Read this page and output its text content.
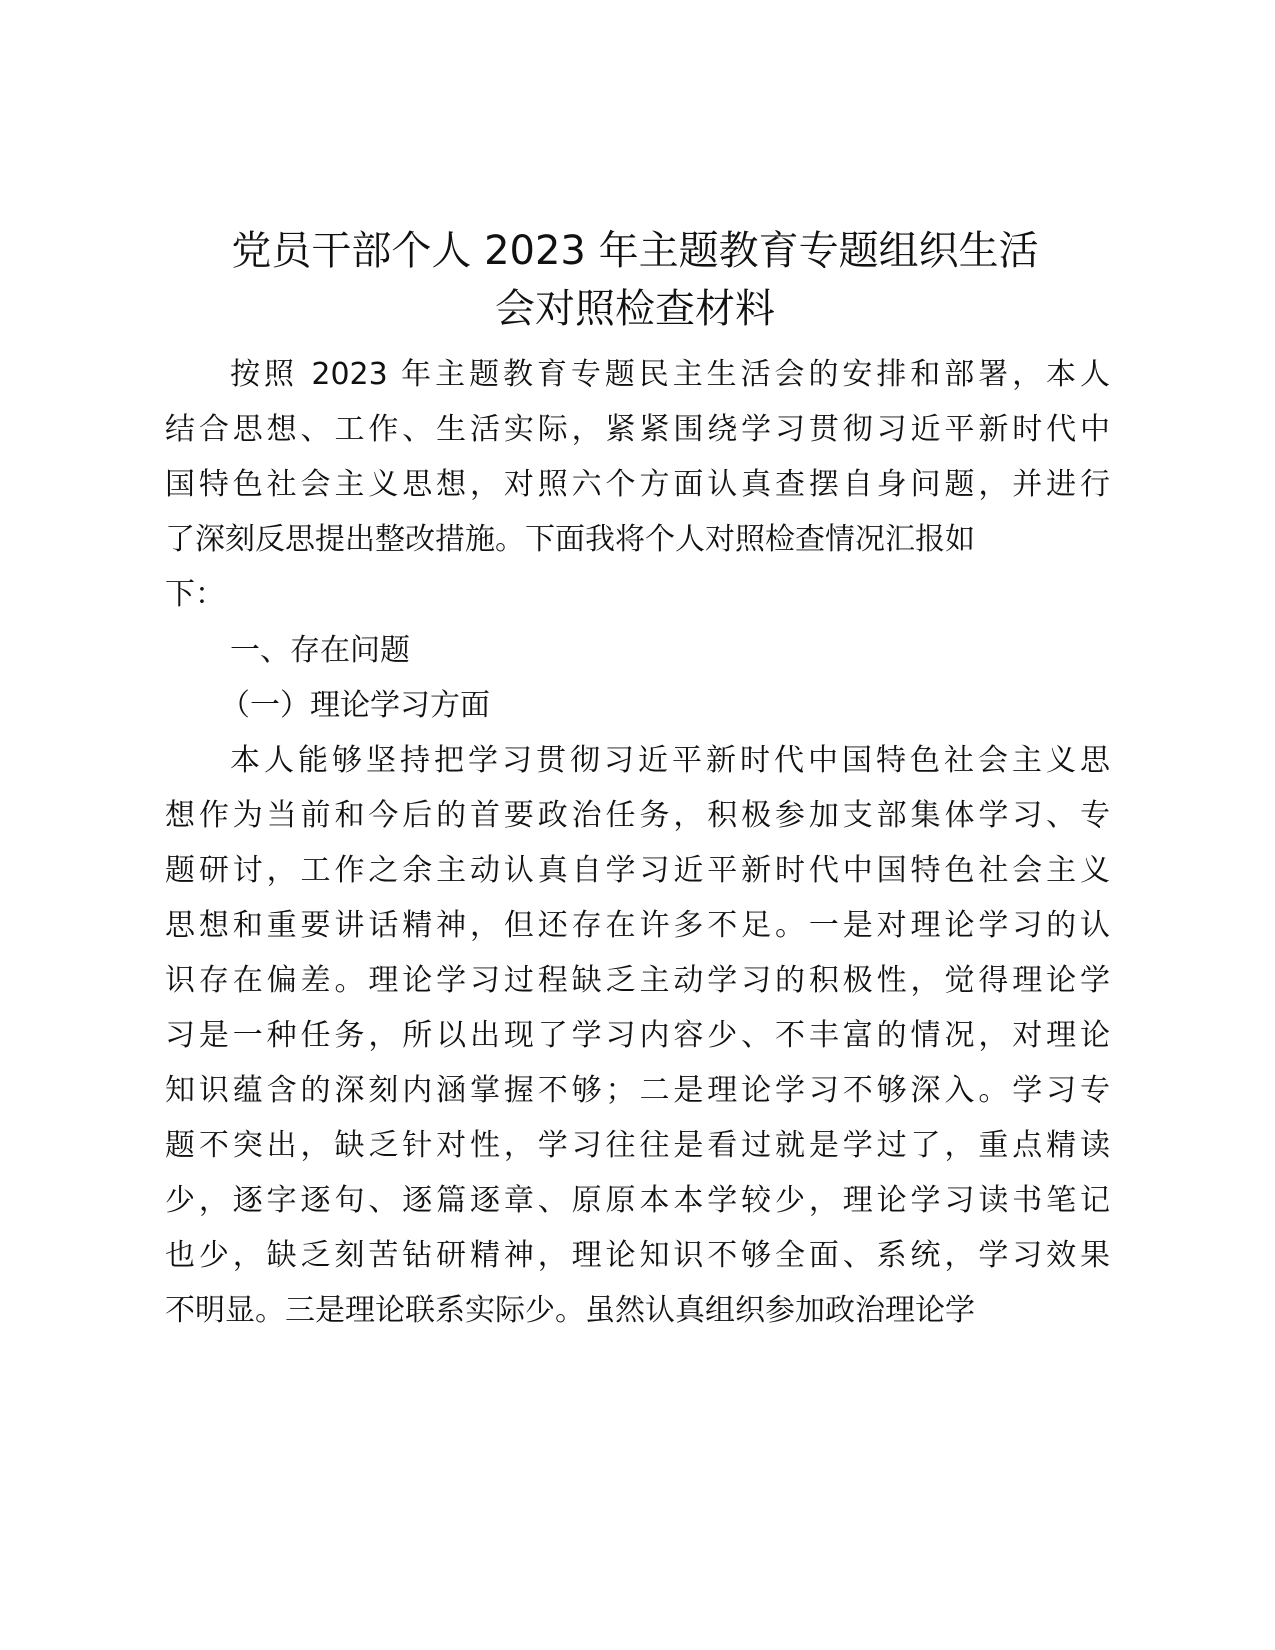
党员干部个人 2023 年主题教育专题组织生活
会对照检查材料
按照 2023 年主题教育专题民主生活会的安排和部署，本人
结合思想、工作、生活实际，紧紧围绕学习贯彻习近平新时代中
国特色社会主义思想，对照六个方面认真查摆自身问题，并进行
了深刻反思提出整改措施。下面我将个人对照检查情况汇报如
下：
一、存在问题
（一）理论学习方面
本人能够坚持把学习贯彻习近平新时代中国特色社会主义思
想作为当前和今后的首要政治任务，积极参加支部集体学习、专
题研讨，工作之余主动认真自学习近平新时代中国特色社会主义
思想和重要讲话精神，但还存在许多不足。一是对理论学习的认
识存在偏差。理论学习过程缺乏主动学习的积极性，觉得理论学
习是一种任务，所以出现了学习内容少、不丰富的情况，对理论
知识蕴含的深刻内涵掌握不够；二是理论学习不够深入。学习专
题不突出，缺乏针对性，学习往往是看过就是学过了，重点精读
少，逐字逐句、逐篇逐章、原原本本学较少，理论学习读书笔记
也少，缺乏刻苦钻研精神，理论知识不够全面、系统，学习效果
不明显。三是理论联系实际少。虽然认真组织参加政治理论学
